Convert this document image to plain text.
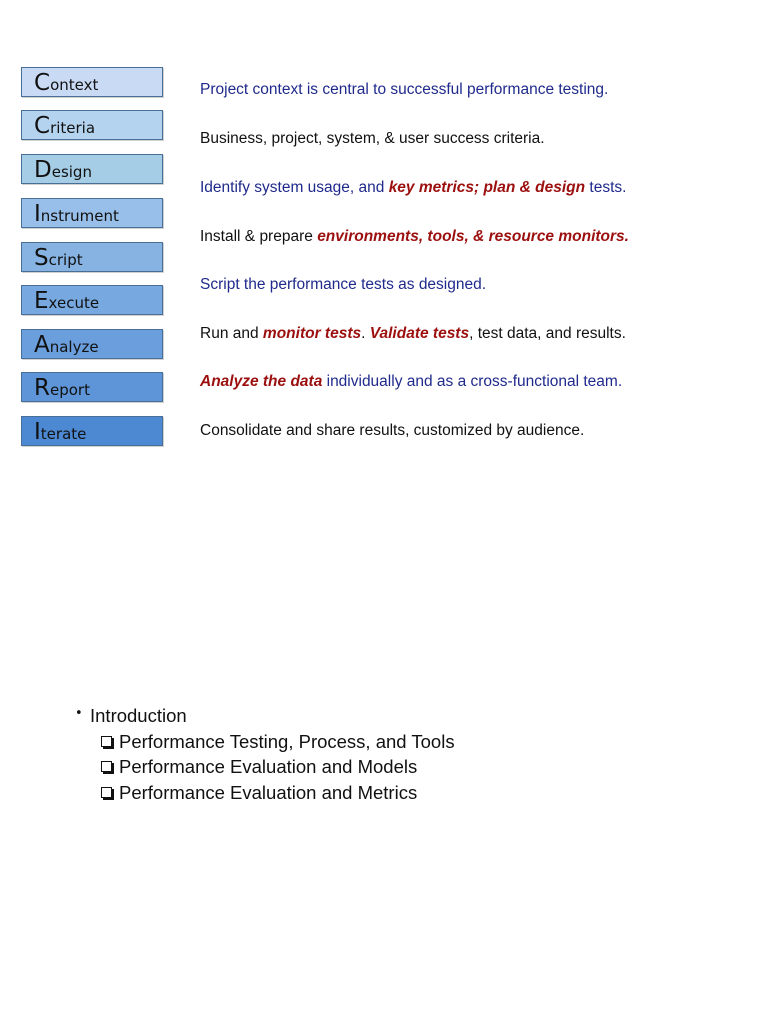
Context
Criteria
Design
Instrument
Script
Execute
Analyze
Report
Iterate
Project context is central to successful performance testing.
Business, project, system, & user success criteria.
Identify system usage, and key metrics; plan & design tests.
Install & prepare environments, tools, & resource monitors.
Script the performance tests as designed.
Run and monitor tests. Validate tests, test data, and results.
Analyze the data individually and as a cross-functional team.
Consolidate and share results, customized by audience.
• Introduction
Performance Testing, Process, and Tools
Performance Evaluation and Models
Performance Evaluation and Metrics
